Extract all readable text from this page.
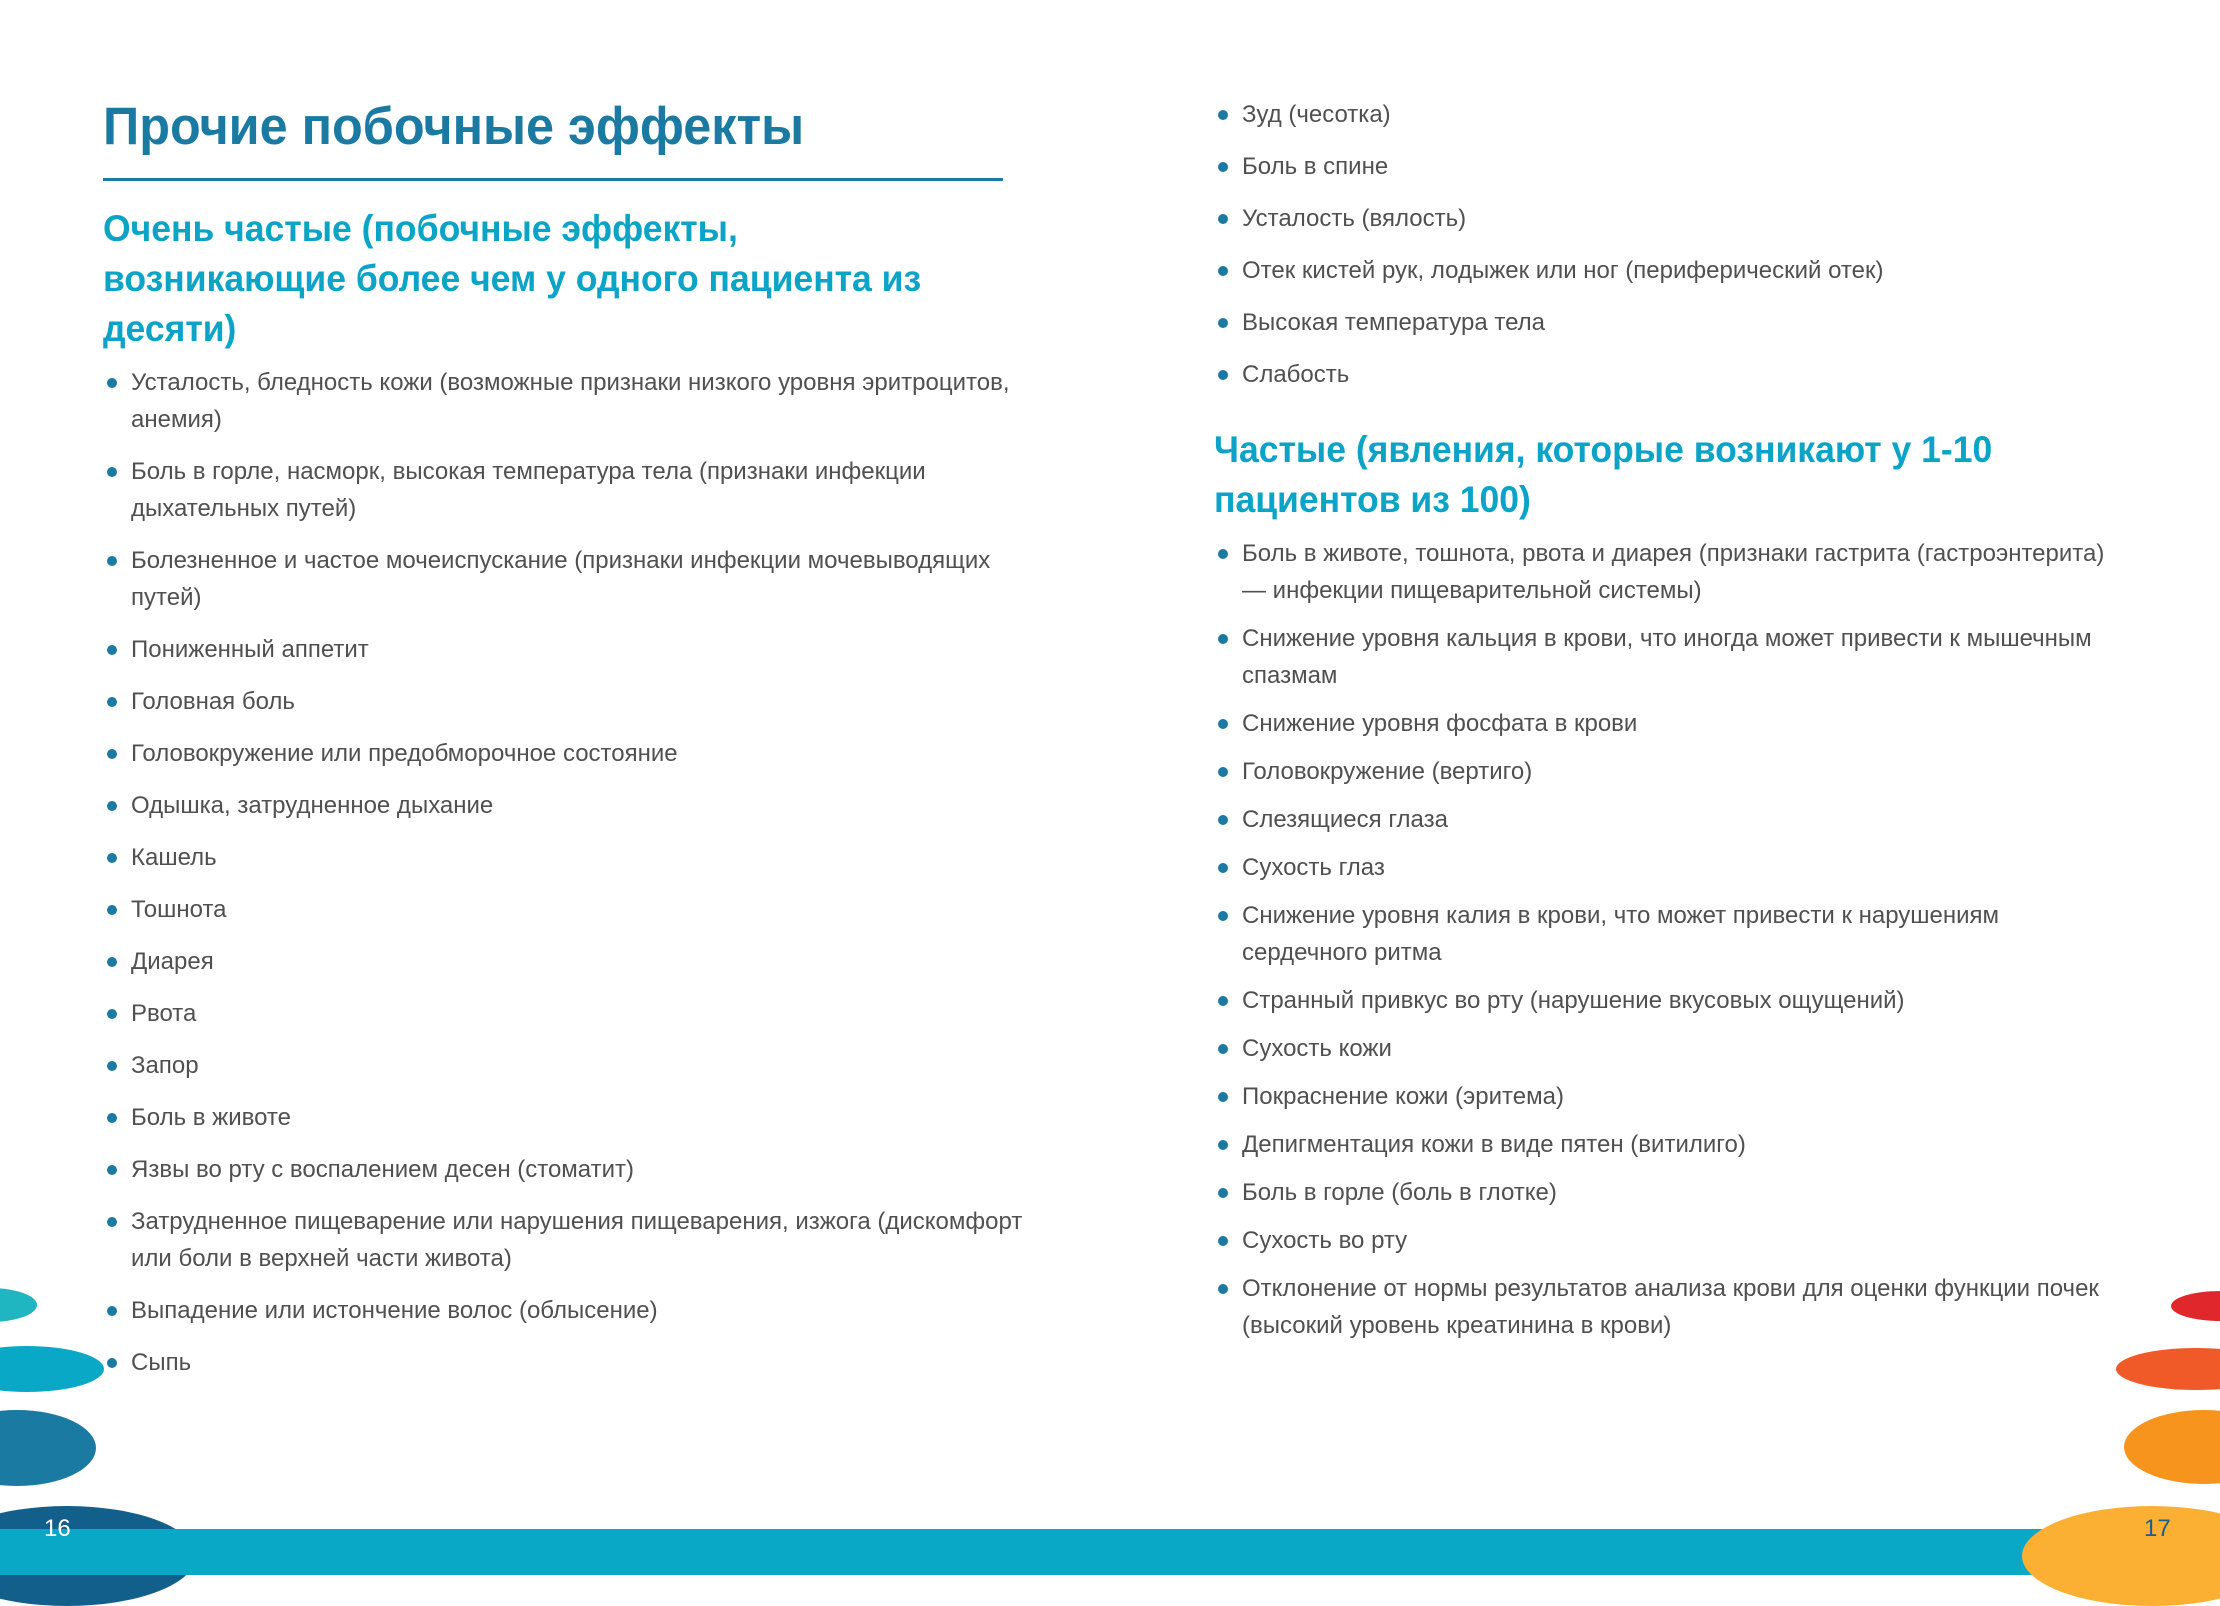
Прочие побочные эффекты
Очень частые (побочные эффекты, возникающие более чем у одного пациента из десяти)
Усталость, бледность кожи (возможные признаки низкого уровня эритроцитов, анемия)
Боль в горле, насморк, высокая температура тела (признаки инфекции дыхательных путей)
Болезненное и частое мочеиспускание (признаки инфекции мочевыводящих путей)
Пониженный аппетит
Головная боль
Головокружение или предобморочное состояние
Одышка, затрудненное дыхание
Кашель
Тошнота
Диарея
Рвота
Запор
Боль в животе
Язвы во рту с воспалением десен (стоматит)
Затрудненное пищеварение или нарушения пищеварения, изжога (дискомфорт или боли в верхней части живота)
Выпадение или истончение волос (облысение)
Сыпь
Зуд (чесотка)
Боль в спине
Усталость (вялость)
Отек кистей рук, лодыжек или ног (периферический отек)
Высокая температура тела
Слабость
Частые (явления, которые возникают у 1-10 пациентов из 100)
Боль в животе, тошнота, рвота и диарея (признаки гастрита (гастроэнтерита) — инфекции пищеварительной системы)
Снижение уровня кальция в крови, что иногда может привести к мышечным спазмам
Снижение уровня фосфата в крови
Головокружение (вертиго)
Слезящиеся глаза
Сухость глаз
Снижение уровня калия в крови, что может привести к нарушениям сердечного ритма
Странный привкус во рту (нарушение вкусовых ощущений)
Сухость кожи
Покраснение кожи (эритема)
Депигментация кожи в виде пятен (витилиго)
Боль в горле (боль в глотке)
Сухость во рту
Отклонение от нормы результатов анализа крови для оценки функции почек (высокий уровень креатинина в крови)
16	17
